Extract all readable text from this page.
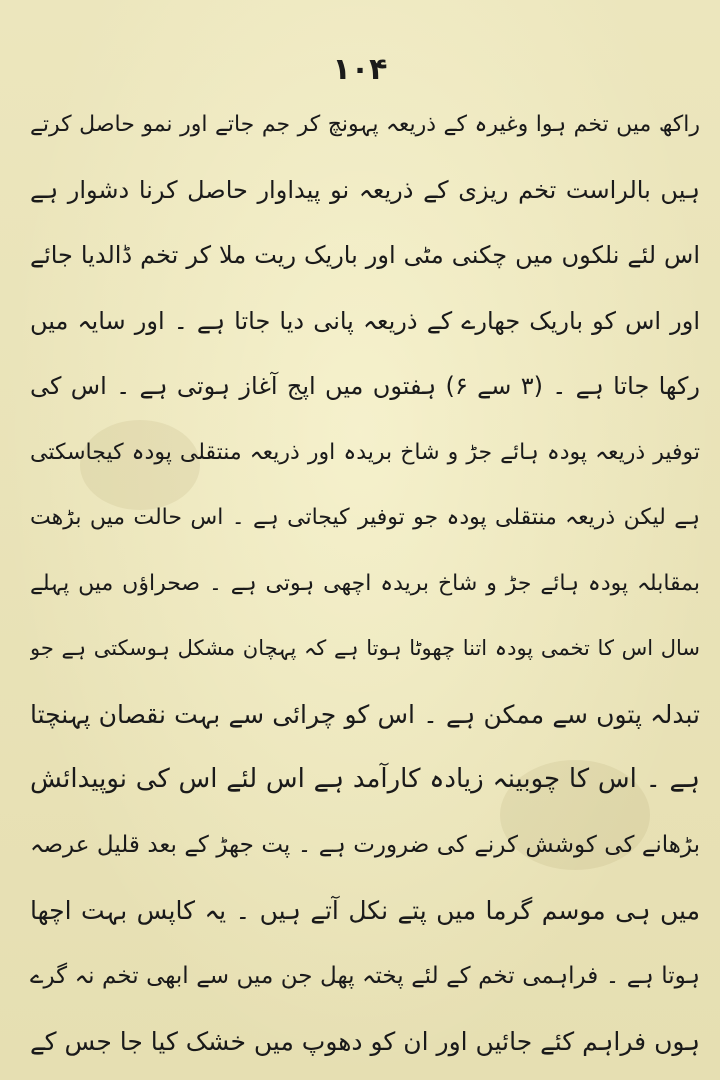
۱۰۴
راکھ میں تخم ہوا وغیرہ کے ذریعہ پہونچ کر جم جاتے اور نمو حاصل کرتے
ہیں بالراست تخم ریزی کے ذریعہ نو پیداوار حاصل کرنا دشوار ہے
اس لئے نلکوں میں چکنی مٹی اور باریک ریت ملا کر تخم ڈالدیا جائے
اور اس کو باریک جھارے کے ذریعہ پانی دیا جاتا ہے ۔ اور سایہ میں
رکھا جاتا ہے ۔ (۳ سے ۶) ہفتوں میں اپج آغاز ہوتی ہے ۔ اس کی
توفیر ذریعہ پودہ ہائے جڑ و شاخ بریدہ اور ذریعہ منتقلی پودہ کیجاسکتی
ہے لیکن ذریعہ منتقلی پودہ جو توفیر کیجاتی ہے ۔ اس حالت میں بڑھت
بمقابلہ پودہ ہائے جڑ و شاخ بریدہ اچھی ہوتی ہے ۔ صحراؤں میں پہلے
سال اس کا تخمی پودہ اتنا چھوٹا ہوتا ہے کہ پہچان مشکل ہوسکتی ہے جو
تبدلہ پتوں سے ممکن ہے ۔ اس کو چرائی سے بہت نقصان پہنچتا
ہے ۔ اس کا چوبینہ زیادہ کارآمد ہے اس لئے اس کی نوپیدائش
بڑھانے کی کوشش کرنے کی ضرورت ہے ۔ پت جھڑ کے بعد قلیل عرصہ
میں ہی موسم گرما میں پتے نکل آتے ہیں ۔ یہ کاپس بہت اچھا
ہوتا ہے ۔ فراہمی تخم کے لئے پختہ پھل جن میں سے ابھی تخم نہ گرے
ہوں فراہم کئے جائیں اور ان کو دھوپ میں خشک کیا جا جس کے
